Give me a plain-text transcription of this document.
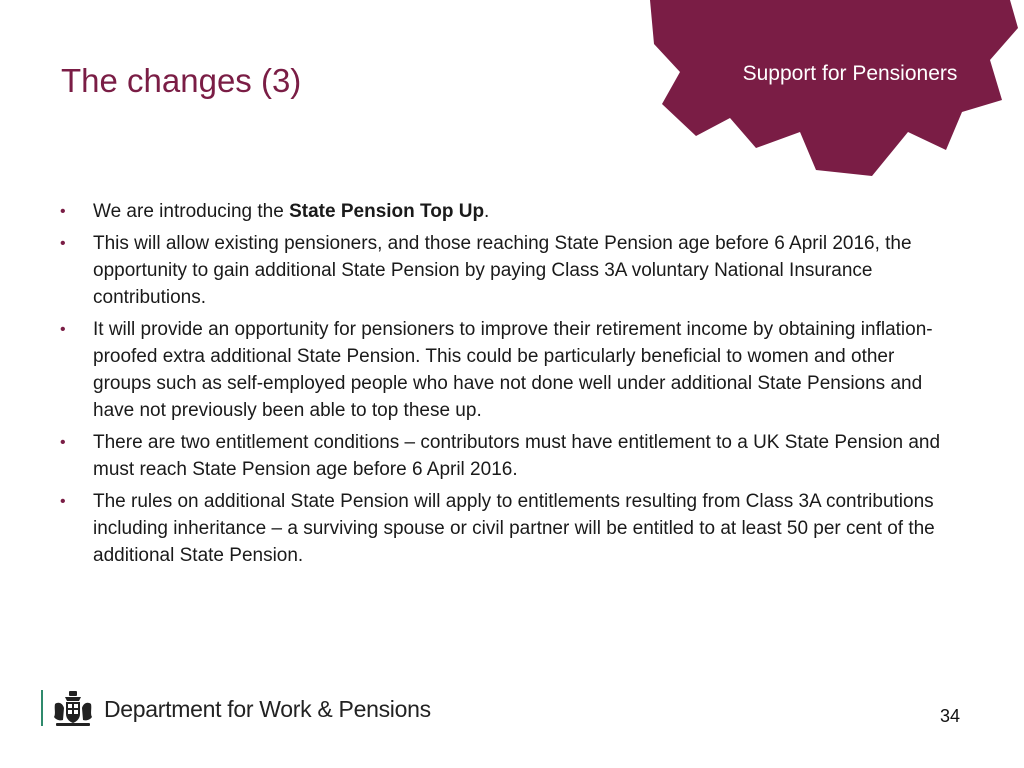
Support for Pensioners
The changes (3)
• We are introducing the State Pension Top Up.
• This will allow existing pensioners, and those reaching State Pension age before 6 April 2016, the opportunity to gain additional State Pension by paying Class 3A voluntary National Insurance contributions.
• It will provide an opportunity for pensioners to improve their retirement income by obtaining inflation-proofed extra additional State Pension. This could be particularly beneficial to women and other groups such as self-employed people who have not done well under additional State Pensions and have not previously been able to top these up.
• There are two entitlement conditions – contributors must have entitlement to a UK State Pension and must reach State Pension age before 6 April 2016.
• The rules on additional State Pension will apply to entitlements resulting from Class 3A contributions including inheritance – a surviving spouse or civil partner will be entitled to at least 50 per cent of the additional State Pension.
Department for Work & Pensions	34
